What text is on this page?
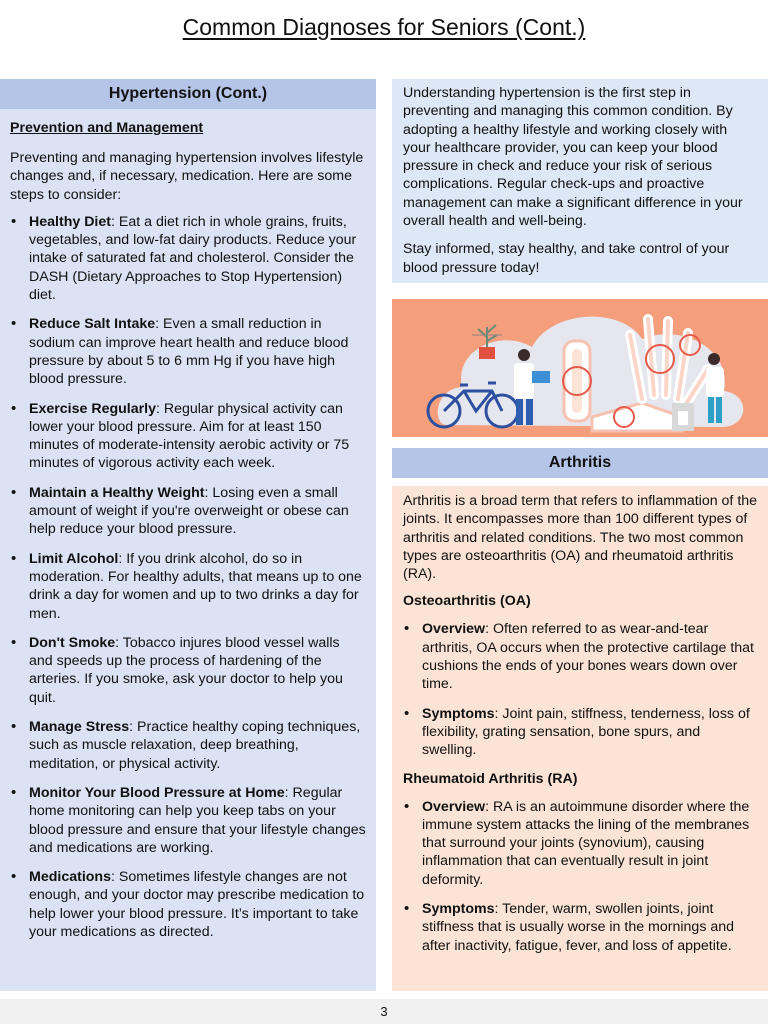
Common Diagnoses for Seniors (Cont.)
Hypertension (Cont.)
Prevention and Management

Preventing and managing hypertension involves lifestyle changes and, if necessary, medication. Here are some steps to consider:

• Healthy Diet: Eat a diet rich in whole grains, fruits, vegetables, and low-fat dairy products. Reduce your intake of saturated fat and cholesterol. Consider the DASH (Dietary Approaches to Stop Hypertension) diet.
• Reduce Salt Intake: Even a small reduction in sodium can improve heart health and reduce blood pressure by about 5 to 6 mm Hg if you have high blood pressure.
• Exercise Regularly: Regular physical activity can lower your blood pressure. Aim for at least 150 minutes of moderate-intensity aerobic activity or 75 minutes of vigorous activity each week.
• Maintain a Healthy Weight: Losing even a small amount of weight if you're overweight or obese can help reduce your blood pressure.
• Limit Alcohol: If you drink alcohol, do so in moderation. For healthy adults, that means up to one drink a day for women and up to two drinks a day for men.
• Don't Smoke: Tobacco injures blood vessel walls and speeds up the process of hardening of the arteries. If you smoke, ask your doctor to help you quit.
• Manage Stress: Practice healthy coping techniques, such as muscle relaxation, deep breathing, meditation, or physical activity.
• Monitor Your Blood Pressure at Home: Regular home monitoring can help you keep tabs on your blood pressure and ensure that your lifestyle changes and medications are working.
• Medications: Sometimes lifestyle changes are not enough, and your doctor may prescribe medication to help lower your blood pressure. It’s important to take your medications as directed.

Understanding hypertension is the first step in preventing and managing this common condition. By adopting a healthy lifestyle and working closely with your healthcare provider, you can keep your blood pressure in check and reduce your risk of serious complications. Regular check-ups and proactive management can make a significant difference in your overall health and well-being.

Stay informed, stay healthy, and take control of your blood pressure today!

Arthritis

Arthritis is a broad term that refers to inflammation of the joints. It encompasses more than 100 different types of arthritis and related conditions. The two most common types are osteoarthritis (OA) and rheumatoid arthritis (RA).

Osteoarthritis (OA)
• Overview: Often referred to as wear-and-tear arthritis, OA occurs when the protective cartilage that cushions the ends of your bones wears down over time.
• Symptoms: Joint pain, stiffness, tenderness, loss of flexibility, grating sensation, bone spurs, and swelling.
Rheumatoid Arthritis (RA)
• Overview: RA is an autoimmune disorder where the immune system attacks the lining of the membranes that surround your joints (synovium), causing inflammation that can eventually result in joint deformity.
• Symptoms: Tender, warm, swollen joints, joint stiffness that is usually worse in the mornings and after inactivity, fatigue, fever, and loss of appetite.
3
